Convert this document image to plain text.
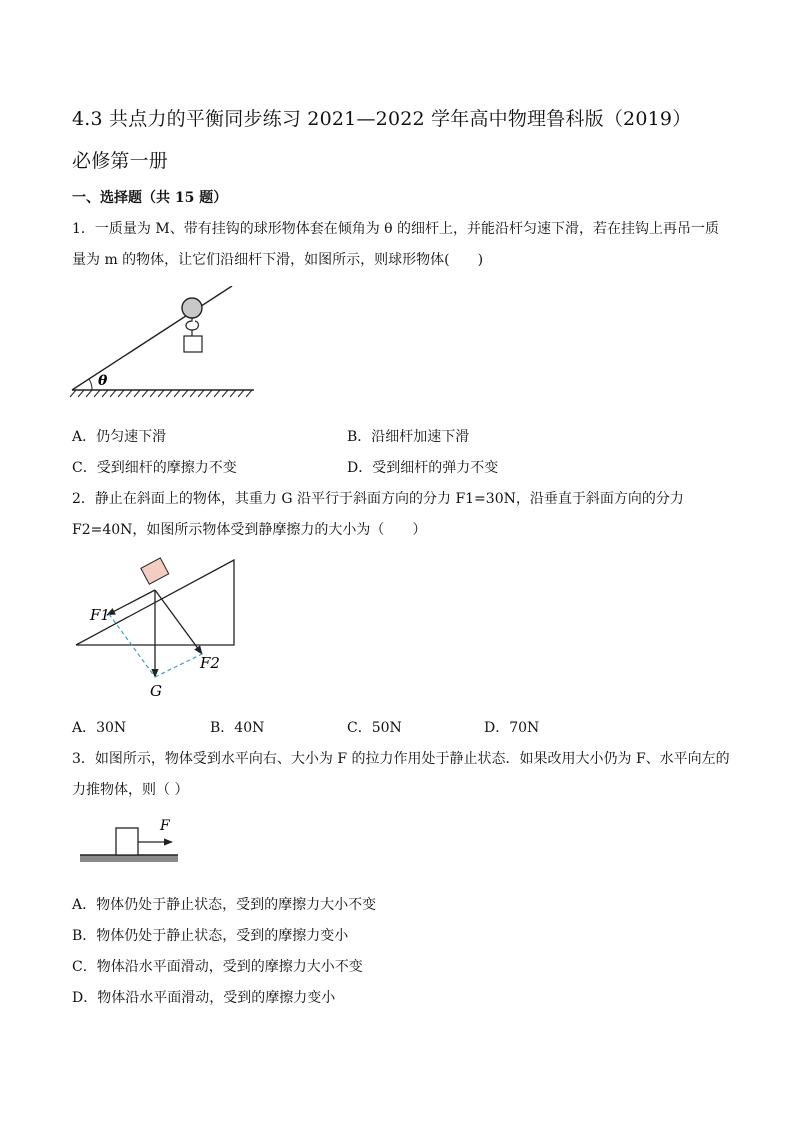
4.3 共点力的平衡同步练习 2021—2022 学年高中物理鲁科版（2019）
必修第一册
一、选择题（共 15 题）
1．一质量为 M、带有挂钩的球形物体套在倾角为 θ 的细杆上，并能沿杆匀速下滑，若在挂钩上再吊一质
量为 m 的物体，让它们沿细杆下滑，如图所示，则球形物体(　　)
θ
A．仍匀速下滑	B．沿细杆加速下滑
C．受到细杆的摩擦力不变	D．受到细杆的弹力不变
2．静止在斜面上的物体，其重力 G 沿平行于斜面方向的分力 F1=30N，沿垂直于斜面方向的分力
F2=40N，如图所示物体受到静摩擦力的大小为（　　）
F1
F2
G
A．30N	B．40N	C．50N	D．70N
3．如图所示，物体受到水平向右、大小为 F 的拉力作用处于静止状态．如果改用大小仍为 F、水平向左的
力推物体，则（ ）
F
A．物体仍处于静止状态，受到的摩擦力大小不变
B．物体仍处于静止状态，受到的摩擦力变小
C．物体沿水平面滑动，受到的摩擦力大小不变
D．物体沿水平面滑动，受到的摩擦力变小
